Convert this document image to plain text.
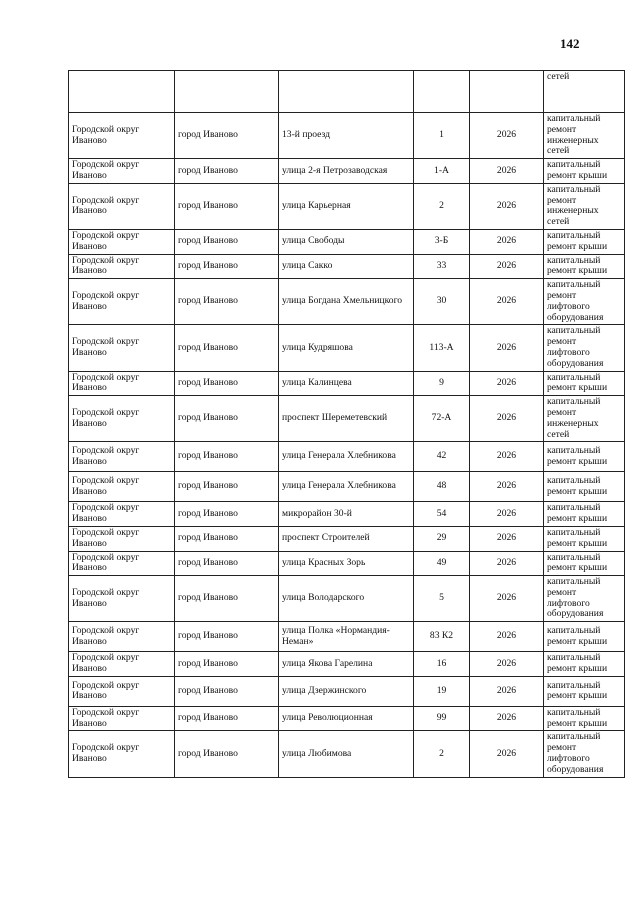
142
					сетей
Городской округ Иваново	город Иваново	13-й проезд	1	2026	капитальный ремонт инженерных сетей
Городской округ Иваново	город Иваново	улица 2-я Петрозаводская	1-А	2026	капитальный ремонт крыши
Городской округ Иваново	город Иваново	улица Карьерная	2	2026	капитальный ремонт инженерных сетей
Городской округ Иваново	город Иваново	улица Свободы	3-Б	2026	капитальный ремонт крыши
Городской округ Иваново	город Иваново	улица Сакко	33	2026	капитальный ремонт крыши
Городской округ Иваново	город Иваново	улица Богдана Хмельницкого	30	2026	капитальный ремонт лифтового оборудования
Городской округ Иваново	город Иваново	улица Кудряшова	113-А	2026	капитальный ремонт лифтового оборудования
Городской округ Иваново	город Иваново	улица Калинцева	9	2026	капитальный ремонт крыши
Городской округ Иваново	город Иваново	проспект Шереметевский	72-А	2026	капитальный ремонт инженерных сетей
Городской округ Иваново	город Иваново	улица Генерала Хлебникова	42	2026	капитальный ремонт крыши
Городской округ Иваново	город Иваново	улица Генерала Хлебникова	48	2026	капитальный ремонт крыши
Городской округ Иваново	город Иваново	микрорайон 30-й	54	2026	капитальный ремонт крыши
Городской округ Иваново	город Иваново	проспект Строителей	29	2026	капитальный ремонт крыши
Городской округ Иваново	город Иваново	улица Красных Зорь	49	2026	капитальный ремонт крыши
Городской округ Иваново	город Иваново	улица Володарского	5	2026	капитальный ремонт лифтового оборудования
Городской округ Иваново	город Иваново	улица Полка «Нормандия-Неман»	83 К2	2026	капитальный ремонт крыши
Городской округ Иваново	город Иваново	улица Якова Гарелина	16	2026	капитальный ремонт крыши
Городской округ Иваново	город Иваново	улица Дзержинского	19	2026	капитальный ремонт крыши
Городской округ Иваново	город Иваново	улица Революционная	99	2026	капитальный ремонт крыши
Городской округ Иваново	город Иваново	улица Любимова	2	2026	капитальный ремонт лифтового оборудования
